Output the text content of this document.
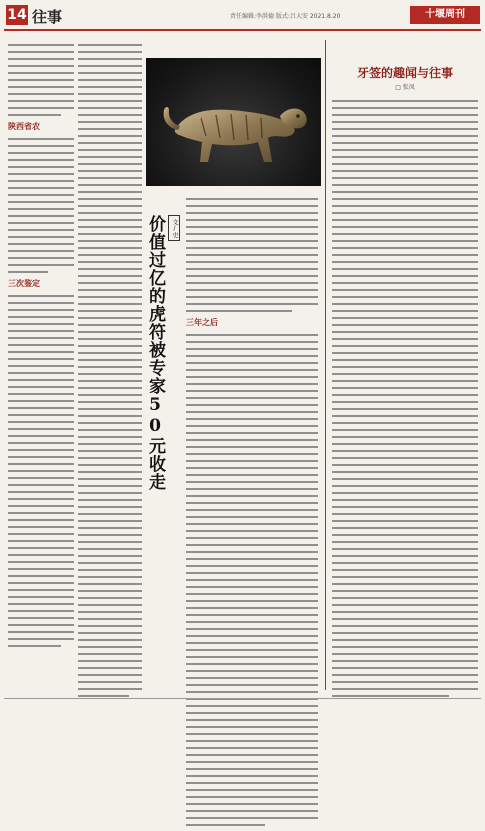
14 往事	责任编辑:李洪德 版式:吕大安 2021.8.20	十堰周刊
陕西省农
三次鉴定	价值过亿的虎符被专家50元收走	文/史
三年之后
牙签的趣闻与往事
□ 张凤
